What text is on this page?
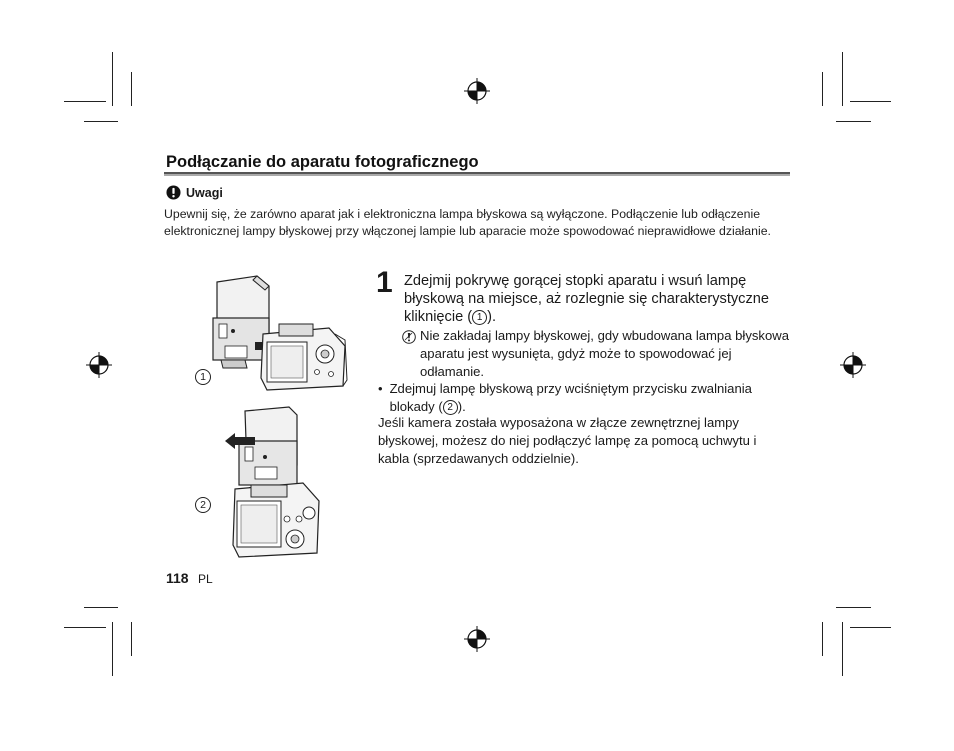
Podłączanie do aparatu fotograficznego
Uwagi
Upewnij się, że zarówno aparat jak i elektroniczna lampa błyskowa są wyłączone. Podłączenie lub odłączenie elektronicznej lampy błyskowej przy włączonej lampie lub aparacie może spowodować nieprawidłowe działanie.
1
2
1 Zdejmij pokrywę gorącej stopki aparatu i wsuń lampę błyskową na miejsce, aż rozlegnie się charakterystyczne kliknięcie ( 1 ).
Nie zakładaj lampy błyskowej, gdy wbudowana lampa błyskowa aparatu jest wysunięta, gdyż może to spowodować jej odłamanie.
• Zdejmuj lampę błyskową przy wciśniętym przycisku zwalniania blokady ( 2 ).
Jeśli kamera została wyposażona w złącze zewnętrznej lampy błyskowej, możesz do niej podłączyć lampę za pomocą uchwytu i kabla (sprzedawanych oddzielnie).
118 PL
